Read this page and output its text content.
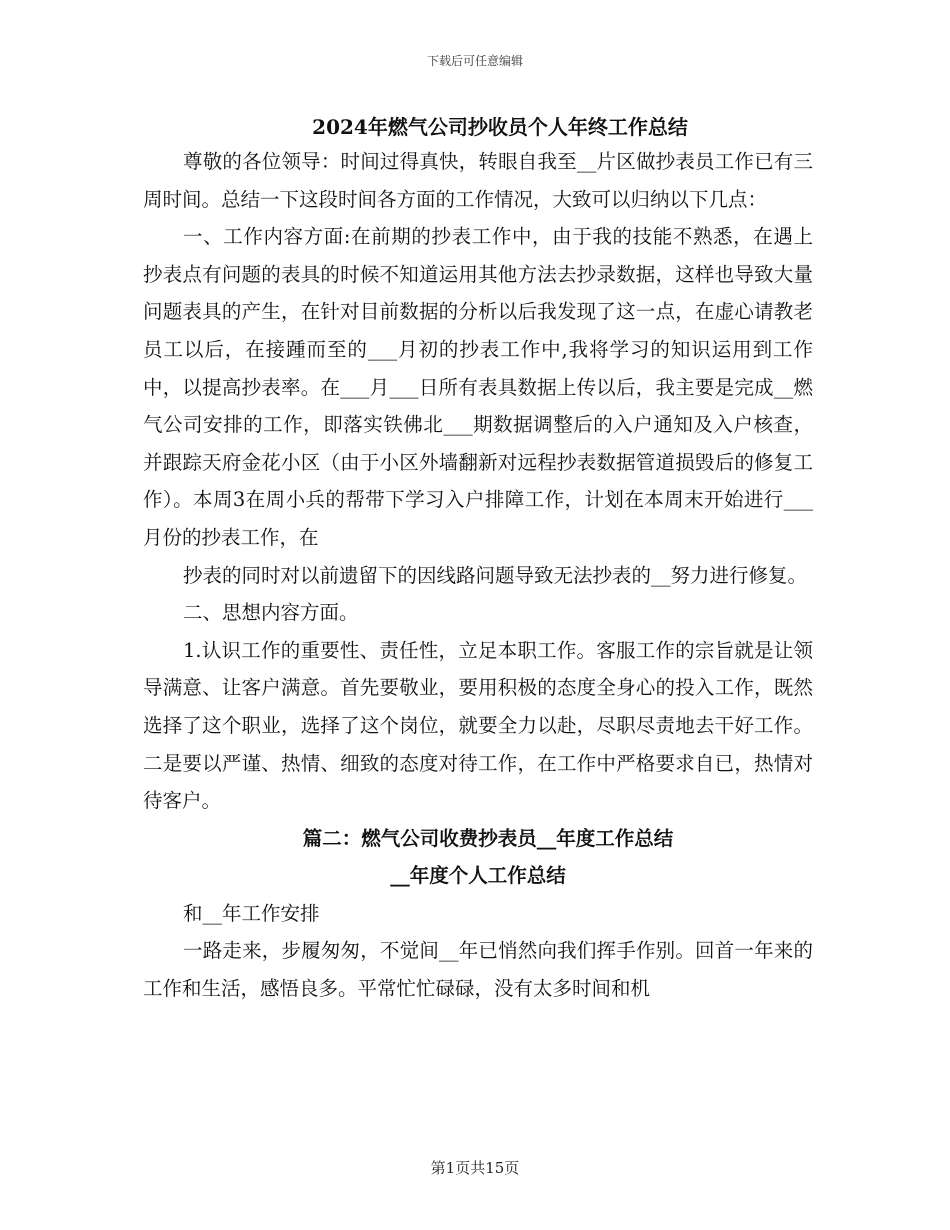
下载后可任意编辑
2024年燃气公司抄收员个人年终工作总结

尊敬的各位领导：时间过得真快，转眼自我至__片区做抄表员工作已有三周时间。总结一下这段时间各方面的工作情况，大致可以归纳以下几点：

一、工作内容方面:在前期的抄表工作中，由于我的技能不熟悉，在遇上抄表点有问题的表具的时候不知道运用其他方法去抄录数据，这样也导致大量问题表具的产生，在针对目前数据的分析以后我发现了这一点，在虚心请教老员工以后，在接踵而至的___月初的抄表工作中,我将学习的知识运用到工作中，以提高抄表率。在___月___日所有表具数据上传以后，我主要是完成__燃气公司安排的工作，即落实铁佛北___期数据调整后的入户通知及入户核查，并跟踪天府金花小区（由于小区外墙翻新对远程抄表数据管道损毁后的修复工作）。本周3在周小兵的帮带下学习入户排障工作，计划在本周末开始进行___月份的抄表工作，在

抄表的同时对以前遗留下的因线路问题导致无法抄表的__努力进行修复。

二、思想内容方面。

1.认识工作的重要性、责任性，立足本职工作。客服工作的宗旨就是让领导满意、让客户满意。首先要敬业，要用积极的态度全身心的投入工作，既然选择了这个职业，选择了这个岗位，就要全力以赴，尽职尽责地去干好工作。二是要以严谨、热情、细致的态度对待工作，在工作中严格要求自已，热情对待客户。

篇二：燃气公司收费抄表员__年度工作总结

__年度个人工作总结

和__年工作安排

一路走来，步履匆匆，不觉间__年已悄然向我们挥手作别。回首一年来的工作和生活，感悟良多。平常忙忙碌碌，没有太多时间和机

第1页共15页
